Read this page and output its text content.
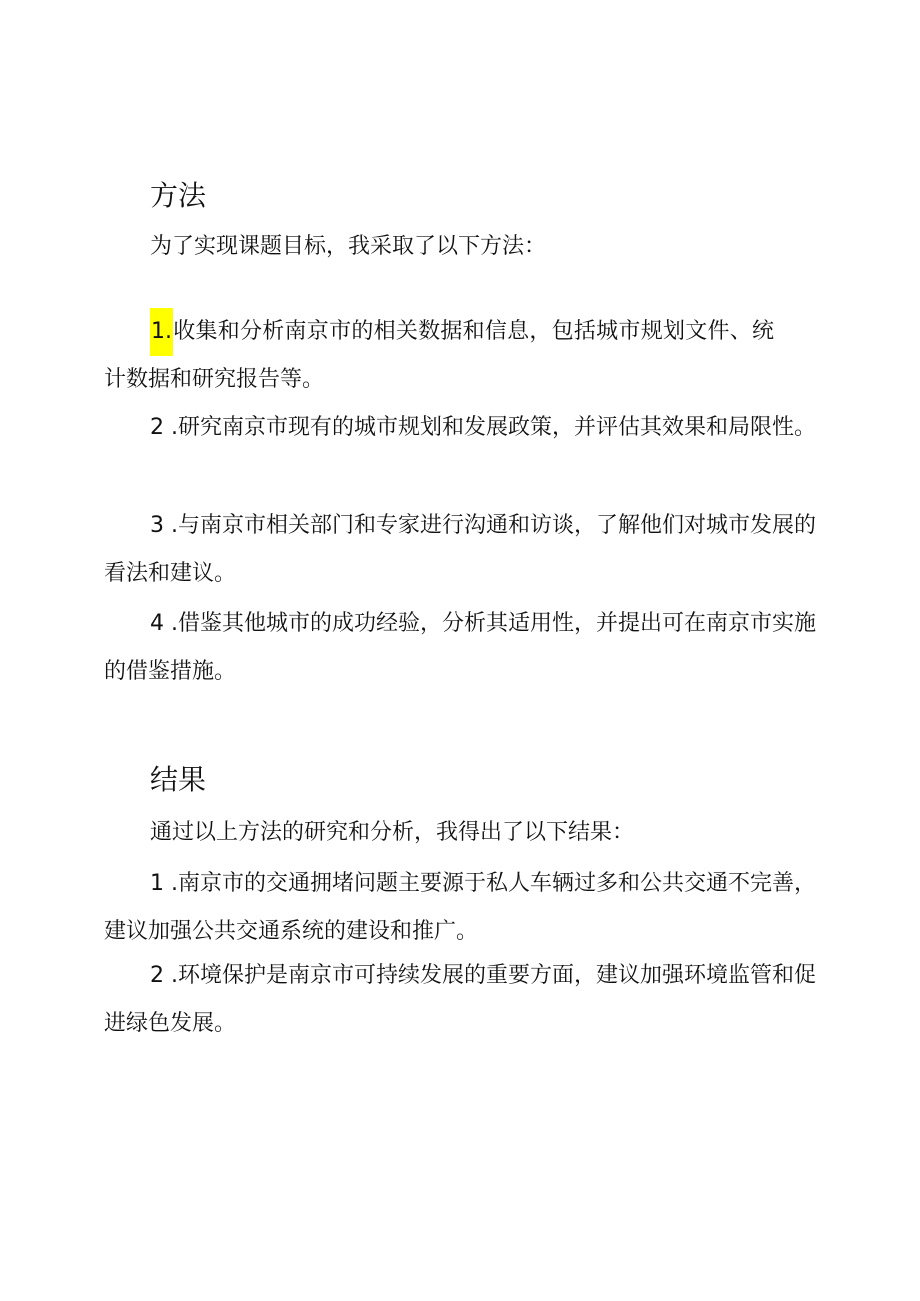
方法

为了实现课题目标，我采取了以下方法：

1.收集和分析南京市的相关数据和信息，包括城市规划文件、统计数据和研究报告等。

2 .研究南京市现有的城市规划和发展政策，并评估其效果和局限性。

3 .与南京市相关部门和专家进行沟通和访谈，了解他们对城市发展的看法和建议。

4 .借鉴其他城市的成功经验，分析其适用性，并提出可在南京市实施的借鉴措施。

结果

通过以上方法的研究和分析，我得出了以下结果：

1 .南京市的交通拥堵问题主要源于私人车辆过多和公共交通不完善，建议加强公共交通系统的建设和推广。

2 .环境保护是南京市可持续发展的重要方面，建议加强环境监管和促进绿色发展。
